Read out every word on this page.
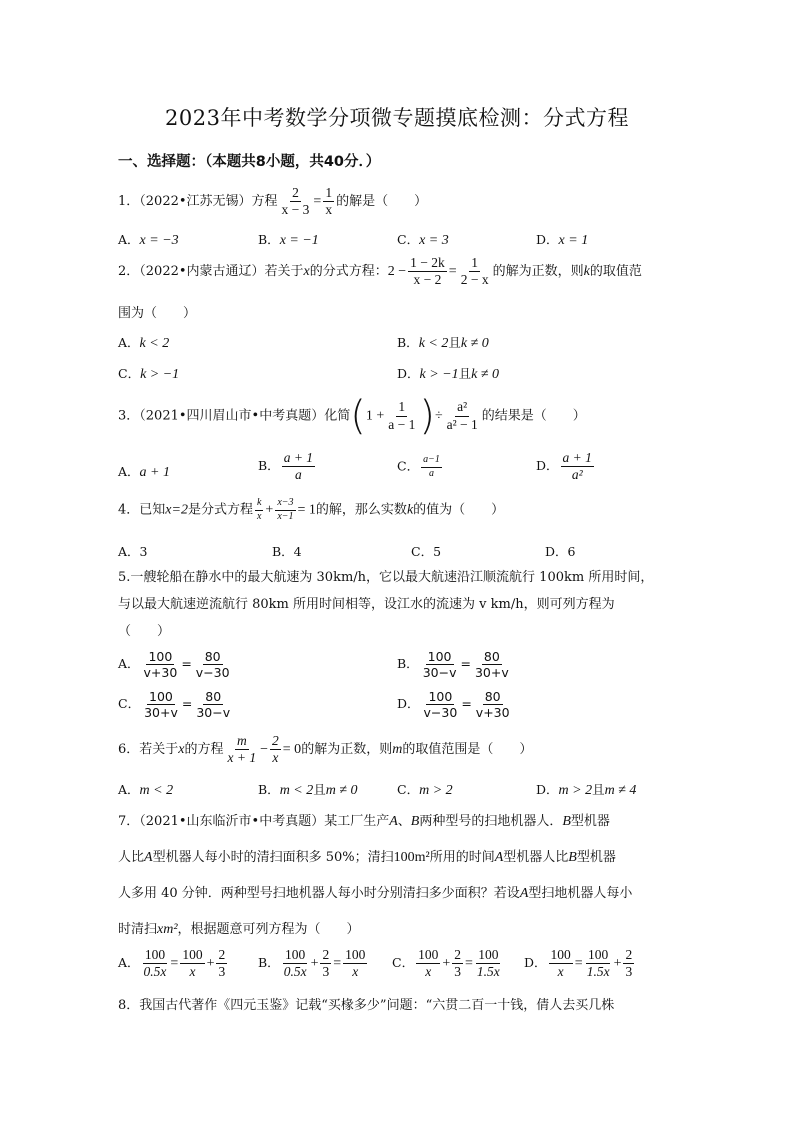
2023年中考数学分项微专题摸底检测：分式方程
一、选择题：（本题共8小题，共40分．）
1．（2022•江苏无锡）方程 $\frac{2}{x - 3} = \frac{1}{x}$ 的解是（　　）
A．x = −3	B．x = −1	C．x = 3	D．x = 1
2．（2022•内蒙古通辽）若关于x的分式方程：$2 - \frac{1 - 2k}{x - 2} = \frac{1}{2 - x}$ 的解为正数，则k的取值范
围为（　　）
A．k < 2	B．k < 2且k ≠ 0
C．k > −1	D．k > −1且k ≠ 0
3．（2021•四川眉山市•中考真题）化简($1 + \frac{1}{a - 1}$ )÷ $\frac{\text{a²}}{\text{a² − 1}}$ 的结果是（　　）
A．a + 1	B． $\frac{a + 1}{a}$	C． $\frac{a-1}{a}$	D． $\frac{a + 1}{\text{a²}}$
4．已知x=2是分式方程 $\frac{k}{x} + \frac{x-3}{x-1} = 1$的解，那么实数k的值为（　　）
A．3	B．4	C．5	D．6
5.一艘轮船在静水中的最大航速为 30km/h，它以最大航速沿江顺流航行 100km 所用时间，
与以最大航速逆流航行 80km 所用时间相等，设江水的流速为 v km/h，则可列方程为
（　　）
A． $\frac{100}{v+30} = \frac{80}{v-30}$	B． $\frac{100}{30-v} = \frac{80}{30+v}$
C． $\frac{100}{30+v} = \frac{80}{30-v}$	D． $\frac{100}{v-30} = \frac{80}{v+30}$
6．若关于x的方程 $\frac{m}{x + 1} - \frac{2}{x} = 0$的解为正数，则m的取值范围是（　　）
A．m < 2	B．m < 2且m ≠ 0	C．m > 2	D．m > 2且m ≠ 4
7．（2021•山东临沂市•中考真题）某工厂生产A、B两种型号的扫地机器人．B型机器
人比A型机器人每小时的清扫面积多 50%；清扫100m²所用的时间A型机器人比B型机器
人多用 40 分钟．两种型号扫地机器人每小时分别清扫多少面积？若设A型扫地机器人每小
时清扫xm²，根据题意可列方程为（　　）
A． $\frac{100}{0.5x} = \frac{100}{x} + \frac{2}{3}$ B． $\frac{100}{0.5x} + \frac{2}{3} = \frac{100}{x}$ C． $\frac{100}{x} + \frac{2}{3} = \frac{100}{1.5x}$ D． $\frac{100}{x} = \frac{100}{1.5x} + \frac{2}{3}$
8．我国古代著作《四元玉鉴》记载“买椽多少”问题：“六贯二百一十钱，倩人去买几株
